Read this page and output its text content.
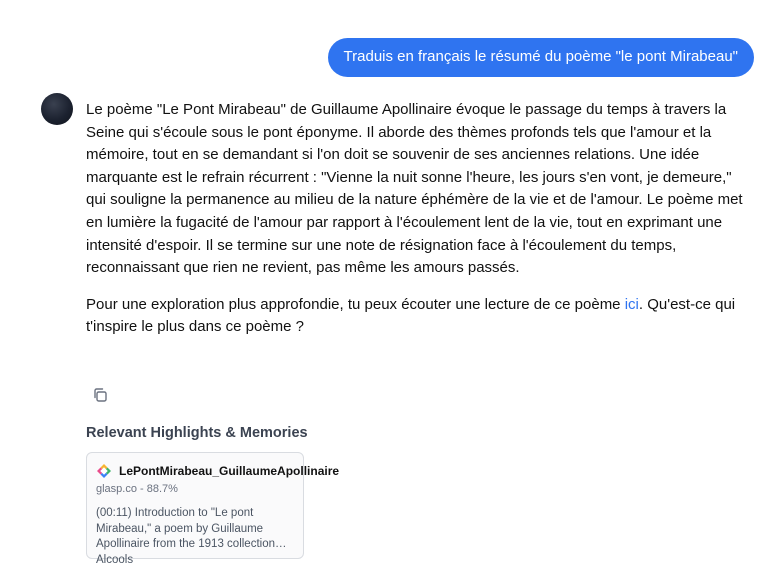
Traduis en français le résumé du poème "le pont Mirabeau"

Le poème "Le Pont Mirabeau" de Guillaume Apollinaire évoque le passage du temps à travers la Seine qui s'écoule sous le pont éponyme. Il aborde des thèmes profonds tels que l'amour et la mémoire, tout en se demandant si l'on doit se souvenir de ses anciennes relations. Une idée marquante est le refrain récurrent : "Vienne la nuit sonne l'heure, les jours s'en vont, je demeure," qui souligne la permanence au milieu de la nature éphémère de la vie et de l'amour. Le poème met en lumière la fugacité de l'amour par rapport à l'écoulement lent de la vie, tout en exprimant une intensité d'espoir. Il se termine sur une note de résignation face à l'écoulement du temps, reconnaissant que rien ne revient, pas même les amours passés.

Pour une exploration plus approfondie, tu peux écouter une lecture de ce poème ici. Qu'est-ce qui t'inspire le plus dans ce poème ?

Relevant Highlights & Memories
LePontMirabeau_GuillaumeApollinaire
glasp.co - 88.7%
(00:11) Introduction to "Le pont Mirabeau," a poem by Guillaume Apollinaire from the 1913 collection Alcools
